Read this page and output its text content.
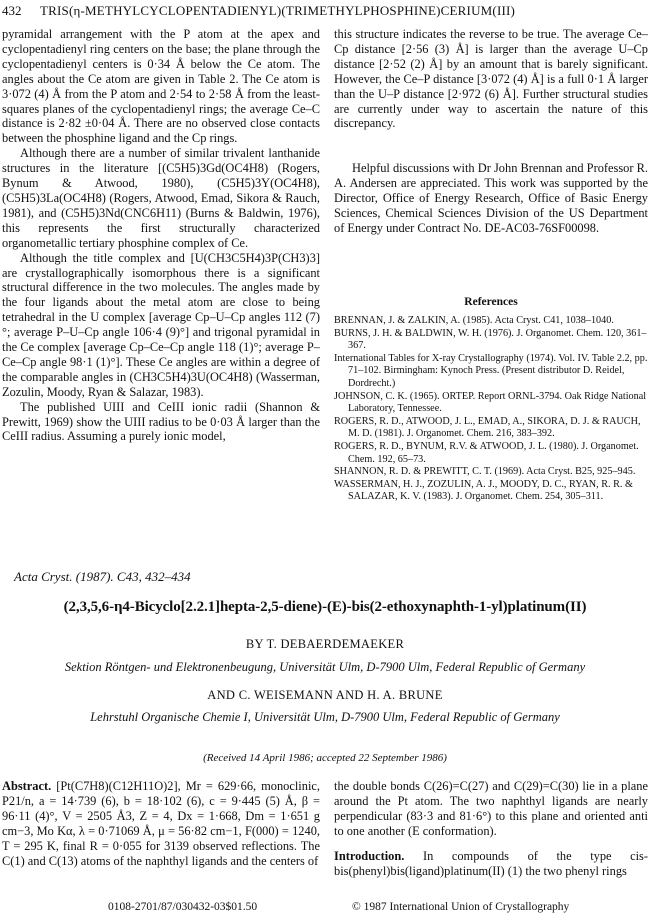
432 TRIS(η-METHYLCYCLOPENTADIENYL)(TRIMETHYLPHOSPHINE)CERIUM(III)

pyramidal arrangement with the P atom at the apex and cyclopentadienyl ring centers on the base; the plane through the cyclopentadienyl centers is 0·34 Å below the Ce atom. The angles about the Ce atom are given in Table 2. The Ce atom is 3·072 (4) Å from the P atom and 2·54 to 2·58 Å from the least-squares planes of the cyclopentadienyl rings; the average Ce–C distance is 2·82 ±0·04 Å. There are no observed close contacts between the phosphine ligand and the Cp rings.

Although there are a number of similar trivalent lanthanide structures in the literature [(C5H5)3Gd(OC4H8) (Rogers, Bynum & Atwood, 1980), (C5H5)3Y(OC4H8), (C5H5)3La(OC4H8) (Rogers, Atwood, Emad, Sikora & Rauch, 1981), and (C5H5)3Nd(CNC6H11) (Burns & Baldwin, 1976), this represents the first structurally characterized organometallic tertiary phosphine complex of Ce.

Although the title complex and [U(CH3C5H4)3P(CH3)3] are crystallographically isomorphous there is a significant structural difference in the two molecules. The angles made by the four ligands about the metal atom are close to being tetrahedral in the U complex [average Cp–U–Cp angles 112 (7)°; average P–U–Cp angle 106·4 (9)°] and trigonal pyramidal in the Ce complex [average Cp–Ce–Cp angle 118 (1)°; average P–Ce–Cp angle 98·1 (1)°]. These Ce angles are within a degree of the comparable angles in (CH3C5H4)3U(OC4H8) (Wasserman, Zozulin, Moody, Ryan & Salazar, 1983).

The published UIII and CeIII ionic radii (Shannon & Prewitt, 1969) show the UIII radius to be 0·03 Å larger than the CeIII radius. Assuming a purely ionic model,

this structure indicates the reverse to be true. The average Ce–Cp distance [2·56 (3) Å] is larger than the average U–Cp distance [2·52 (2) Å] by an amount that is barely significant. However, the Ce–P distance [3·072 (4) Å] is a full 0·1 Å larger than the U–P distance [2·972 (6) Å]. Further structural studies are currently under way to ascertain the nature of this discrepancy.

Helpful discussions with Dr John Brennan and Professor R. A. Andersen are appreciated. This work was supported by the Director, Office of Energy Research, Office of Basic Energy Sciences, Chemical Sciences Division of the US Department of Energy under Contract No. DE-AC03-76SF00098.

References
BRENNAN, J. & ZALKIN, A. (1985). Acta Cryst. C41, 1038–1040.
BURNS, J. H. & BALDWIN, W. H. (1976). J. Organomet. Chem. 120, 361–367.
International Tables for X-ray Crystallography (1974). Vol. IV. Table 2.2, pp. 71–102. Birmingham: Kynoch Press. (Present distributor D. Reidel, Dordrecht.)
JOHNSON, C. K. (1965). ORTEP. Report ORNL-3794. Oak Ridge National Laboratory, Tennessee.
ROGERS, R. D., ATWOOD, J. L., EMAD, A., SIKORA, D. J. & RAUCH, M. D. (1981). J. Organomet. Chem. 216, 383–392.
ROGERS, R. D., BYNUM, R.V. & ATWOOD, J. L. (1980). J. Organomet. Chem. 192, 65–73.
SHANNON, R. D. & PREWITT, C. T. (1969). Acta Cryst. B25, 925–945.
WASSERMAN, H. J., ZOZULIN, A. J., MOODY, D. C., RYAN, R. R. & SALAZAR, K. V. (1983). J. Organomet. Chem. 254, 305–311.
Acta Cryst. (1987). C43, 432–434
(2,3,5,6-η4-Bicyclo[2.2.1]hepta-2,5-diene)-(E)-bis(2-ethoxynaphth-1-yl)platinum(II)
BY T. DEBAERDEMAEKER
Sektion Röntgen- und Elektronenbeugung, Universität Ulm, D-7900 Ulm, Federal Republic of Germany
AND C. WEISEMANN AND H. A. BRUNE
Lehrstuhl Organische Chemie I, Universität Ulm, D-7900 Ulm, Federal Republic of Germany
(Received 14 April 1986; accepted 22 September 1986)

Abstract. [Pt(C7H8)(C12H11O)2], Mr = 629·66, monoclinic, P21/n, a = 14·739 (6), b = 18·102 (6), c = 9·445 (5) Å, β = 96·11 (4)°, V = 2505 Å3, Z = 4, Dx = 1·668, Dm = 1·651 g cm−3, Mo Kα, λ = 0·71069 Å, μ = 56·82 cm−1, F(000) = 1240, T = 295 K, final R = 0·055 for 3139 observed reflections. The C(1) and C(13) atoms of the naphthyl ligands and the centers of

the double bonds C(26)=C(27) and C(29)=C(30) lie in a plane around the Pt atom. The two naphthyl ligands are nearly perpendicular (83·3 and 81·6°) to this plane and oriented anti to one another (E conformation).

Introduction. In compounds of the type cis-bis(phenyl)bis(ligand)platinum(II) (1) the two phenyl rings

0108-2701/87/030432-03$01.50	© 1987 International Union of Crystallography
